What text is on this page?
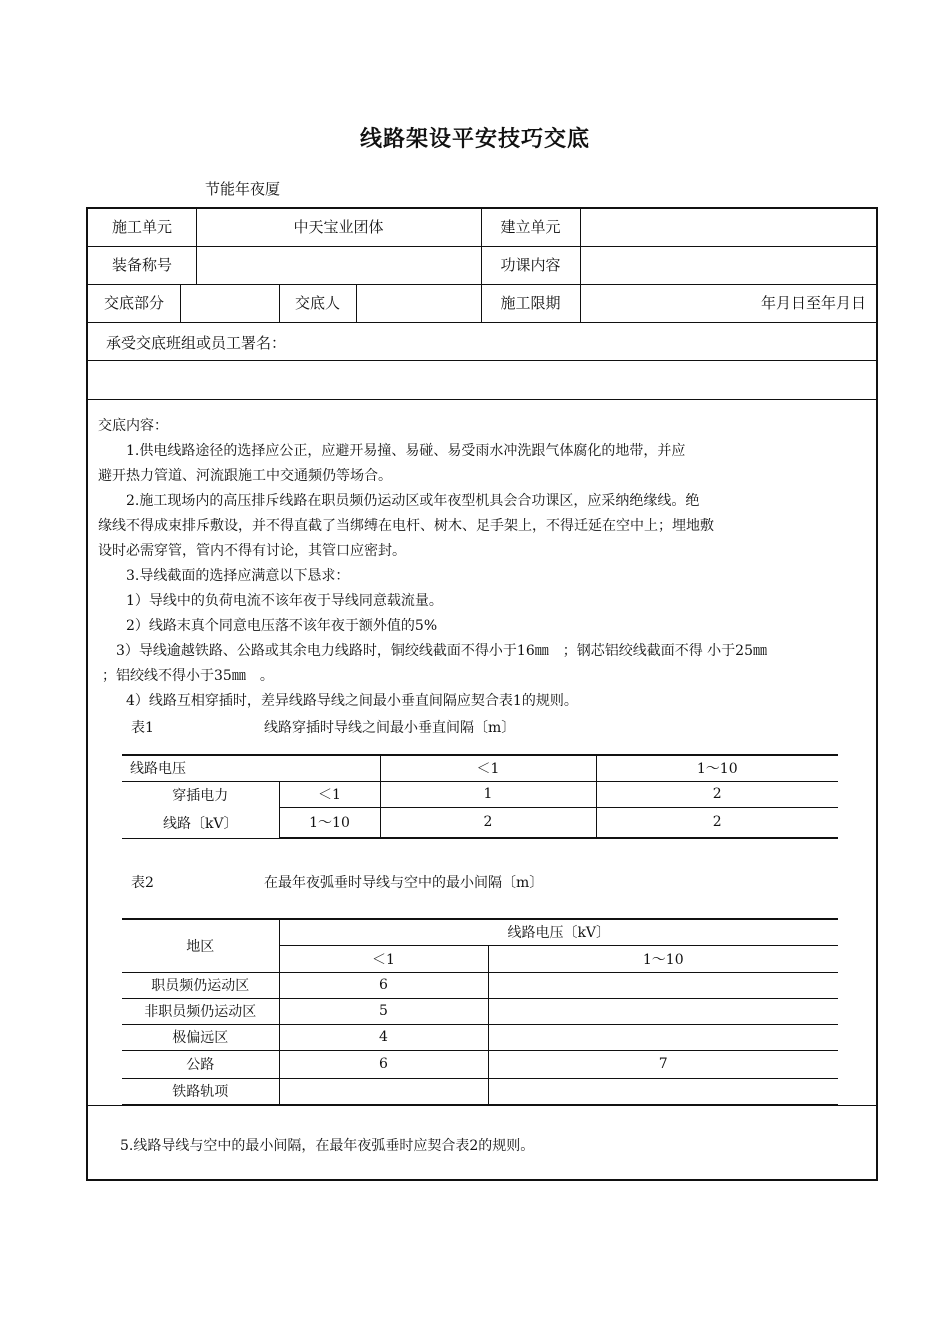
线路架设平安技巧交底
节能年夜厦
施工单元	中天宝业团体	建立单元
装备称号	功课内容
交底部分	交底人	施工限期	年月日至年月日
承受交底班组或员工署名：

交底内容：

　　1.供电线路途径的选择应公正，应避开易撞、易碰、易受雨水冲洗跟气体腐化的地带，并应

避开热力管道、河流跟施工中交通频仍等场合。

　　2.施工现场内的高压排斥线路在职员频仍运动区或年夜型机具会合功课区，应采纳绝缘线。绝

缘线不得成束排斥敷设，并不得直截了当绑缚在电杆、树木、足手架上，不得迁延在空中上；埋地敷

设时必需穿管，管内不得有讨论，其管口应密封。

　　3.导线截面的选择应满意以下恳求：

　　1）导线中的负荷电流不该年夜于导线同意载流量。

　　2）线路末真个同意电压落不该年夜于额外值的5%

　　3）导线逾越铁路、公路或其余电力线路时，铜绞线截面不得小于16㎜　；钢芯铝绞线截面不得 小于25㎜

　；铝绞线不得小于35㎜　。

　　4）线路互相穿插时，差异线路导线之间最小垂直间隔应契合表1的规则。

表1	线路穿插时导线之间最小垂直间隔〔m〕
线路电压		＜1	1～10
穿插电力
线路〔kV〕	＜1	1	2
	1～10	2	2
表2	在最年夜弧垂时导线与空中的最小间隔〔m〕
地区	线路电压〔kV〕	
	＜1	1～10
职员频仍运动区	6	
非职员频仍运动区	5	
极偏远区	4	
公路	6	7
铁路轨项		
5.线路导线与空中的最小间隔，在最年夜弧垂时应契合表2的规则。
